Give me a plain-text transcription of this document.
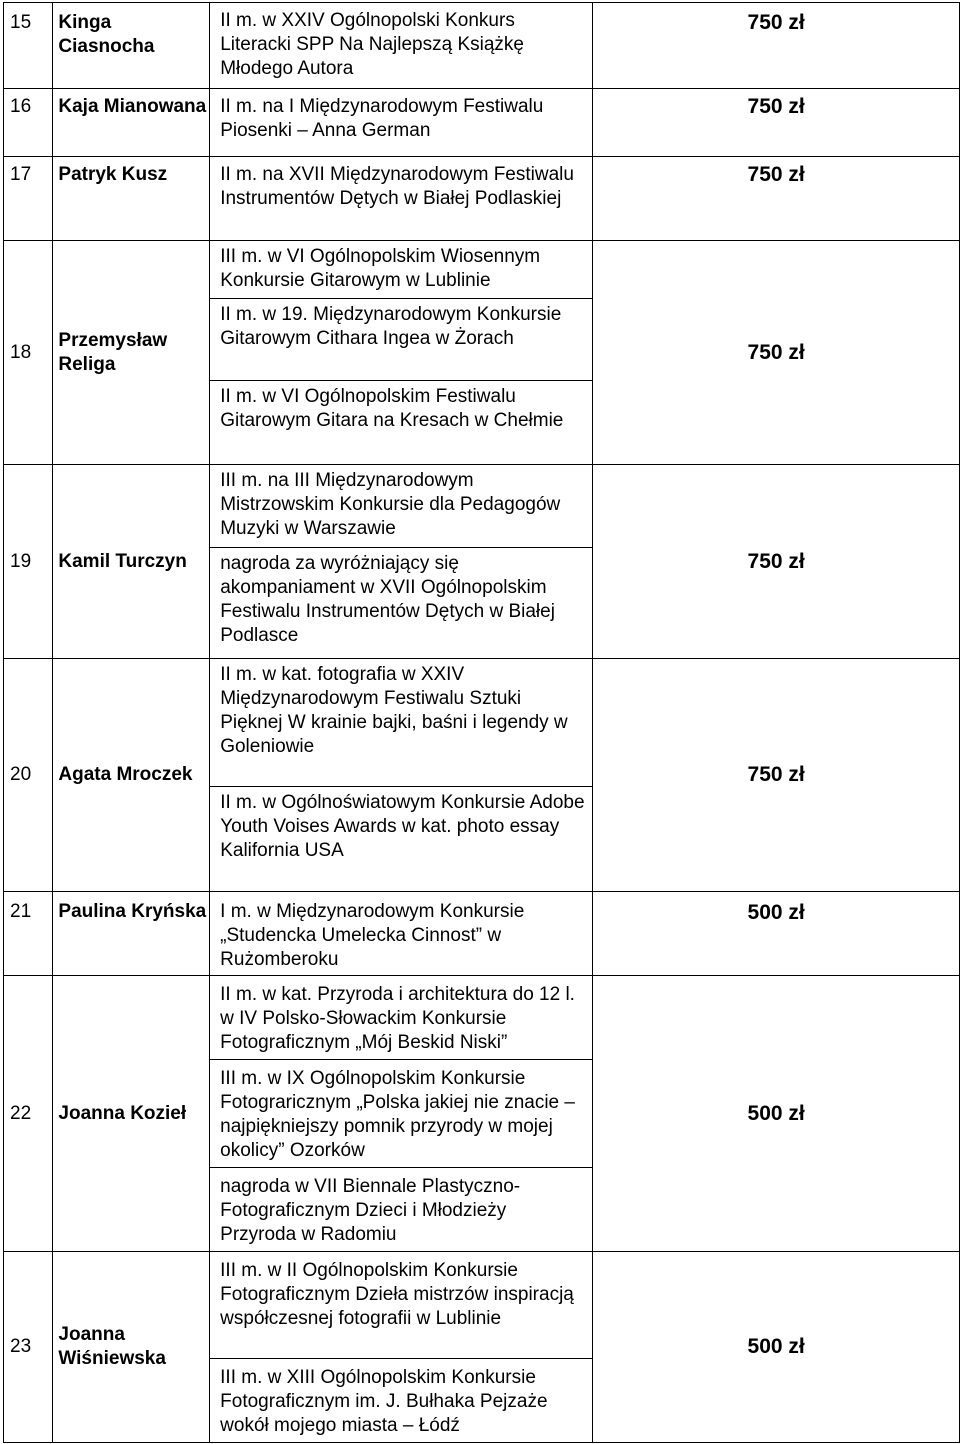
15	Kinga Ciasnocha	II m. w XXIV Ogólnopolski Konkurs Literacki SPP Na Najlepszą Książkę Młodego Autora	750 zł
16	Kaja Mianowana	II m. na I Międzynarodowym Festiwalu Piosenki – Anna German	750 zł
17	Patryk Kusz	II m. na XVII Międzynarodowym Festiwalu Instrumentów Dętych w Białej Podlaskiej	750 zł
18	Przemysław Religa	III m. w VI Ogólnopolskim Wiosennym Konkursie Gitarowym w Lublinie	750 zł
		II m. w 19. Międzynarodowym Konkursie Gitarowym Cithara Ingea w Żorach	
		II m. w VI Ogólnopolskim Festiwalu Gitarowym Gitara na Kresach w Chełmie	
19	Kamil Turczyn	III m. na III Międzynarodowym Mistrzowskim Konkursie dla Pedagogów Muzyki w Warszawie	750 zł
		nagroda za wyróżniający się akompaniament w XVII Ogólnopolskim Festiwalu Instrumentów Dętych w Białej Podlasce	
20	Agata Mroczek	II m. w kat. fotografia w XXIV Międzynarodowym Festiwalu Sztuki Pięknej W krainie bajki, baśni i legendy w Goleniowie	750 zł
		II m. w Ogólnoświatowym Konkursie Adobe Youth Voises Awards w kat. photo essay Kalifornia USA	
21	Paulina Kryńska	I m. w Międzynarodowym Konkursie „Studencka Umelecka Cinnost” w Rużomberoku	500 zł
22	Joanna Kozieł	II m. w kat. Przyroda i architektura do 12 l. w IV Polsko-Słowackim Konkursie Fotograficznym „Mój Beskid Niski”	500 zł
		III m. w IX Ogólnopolskim Konkursie Fotograricznym „Polska jakiej nie znacie – najpiękniejszy pomnik przyrody w mojej okolicy” Ozorków	
		nagroda w VII Biennale Plastyczno-Fotograficznym Dzieci i Młodzieży Przyroda w Radomiu	
23	Joanna Wiśniewska	III m. w II Ogólnopolskim Konkursie Fotograficznym Dzieła mistrzów inspiracją współczesnej fotografii w Lublinie	500 zł
		III m. w XIII Ogólnopolskim Konkursie Fotograficznym im. J. Bułhaka Pejzaże wokół mojego miasta – Łódź	
